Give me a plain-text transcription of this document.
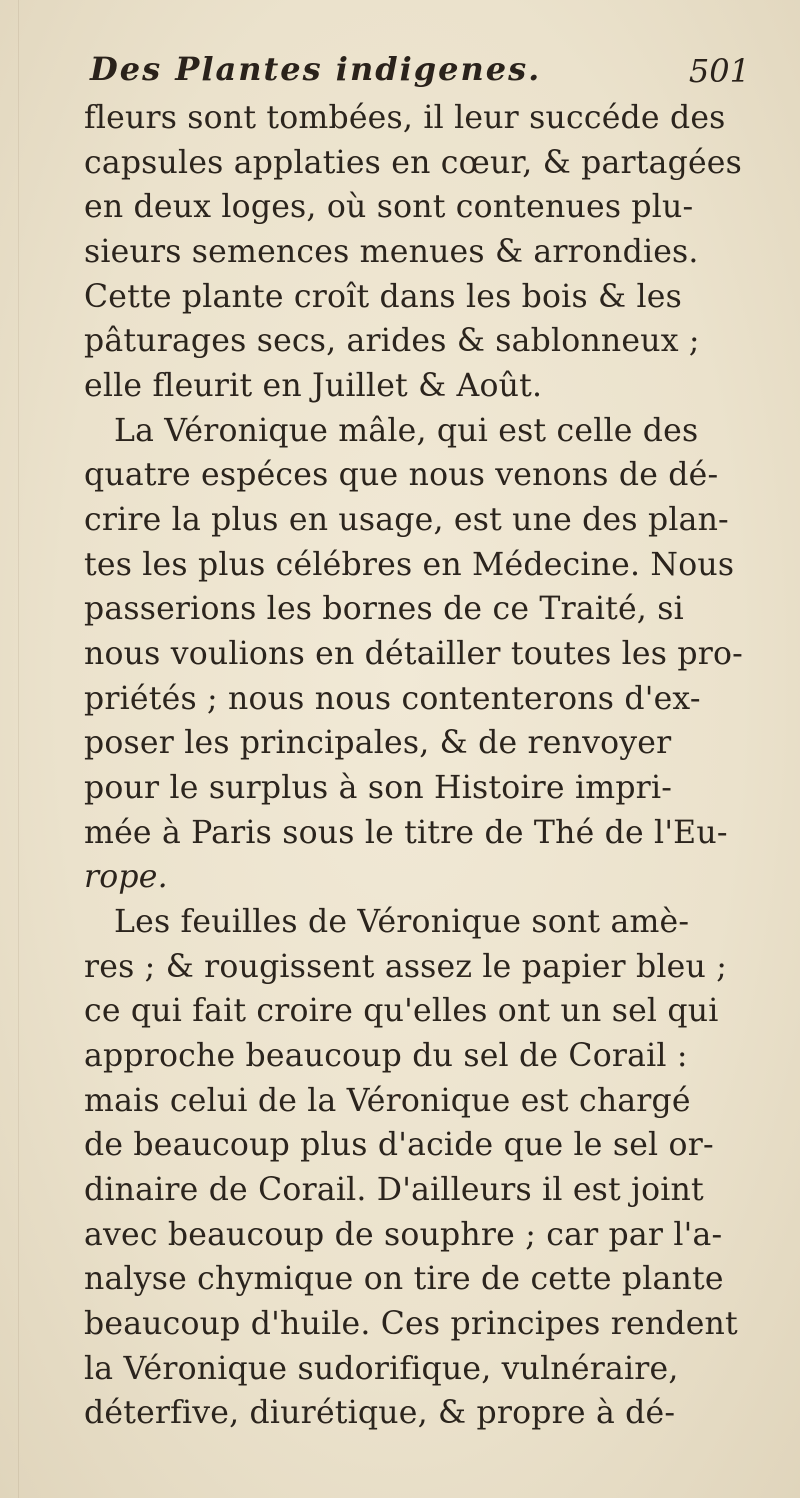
Des Plantes indigenes.	501
fleurs sont tombées, il leur succéde des
capsules applaties en cœur, & partagées
en deux loges, où sont contenues plu-
sieurs semences menues & arrondies.
Cette plante croît dans les bois & les
pâturages secs, arides & sablonneux ;
elle fleurit en Juillet & Août.
La Véronique mâle, qui est celle des
quatre espéces que nous venons de dé-
crire la plus en usage, est une des plan-
tes les plus célébres en Médecine. Nous
passerions les bornes de ce Traité, si
nous voulions en détailler toutes les pro-
priétés ; nous nous contenterons d'ex-
poser les principales, & de renvoyer
pour le surplus à son Histoire impri-
mée à Paris sous le titre de Thé de l'Eu-
rope.
Les feuilles de Véronique sont amè-
res ; & rougissent assez le papier bleu ;
ce qui fait croire qu'elles ont un sel qui
approche beaucoup du sel de Corail :
mais celui de la Véronique est chargé
de beaucoup plus d'acide que le sel or-
dinaire de Corail. D'ailleurs il est joint
avec beaucoup de souphre ; car par l'a-
nalyse chymique on tire de cette plante
beaucoup d'huile. Ces principes rendent
la Véronique sudorifique, vulnéraire,
déterfive, diurétique, & propre à dé-
